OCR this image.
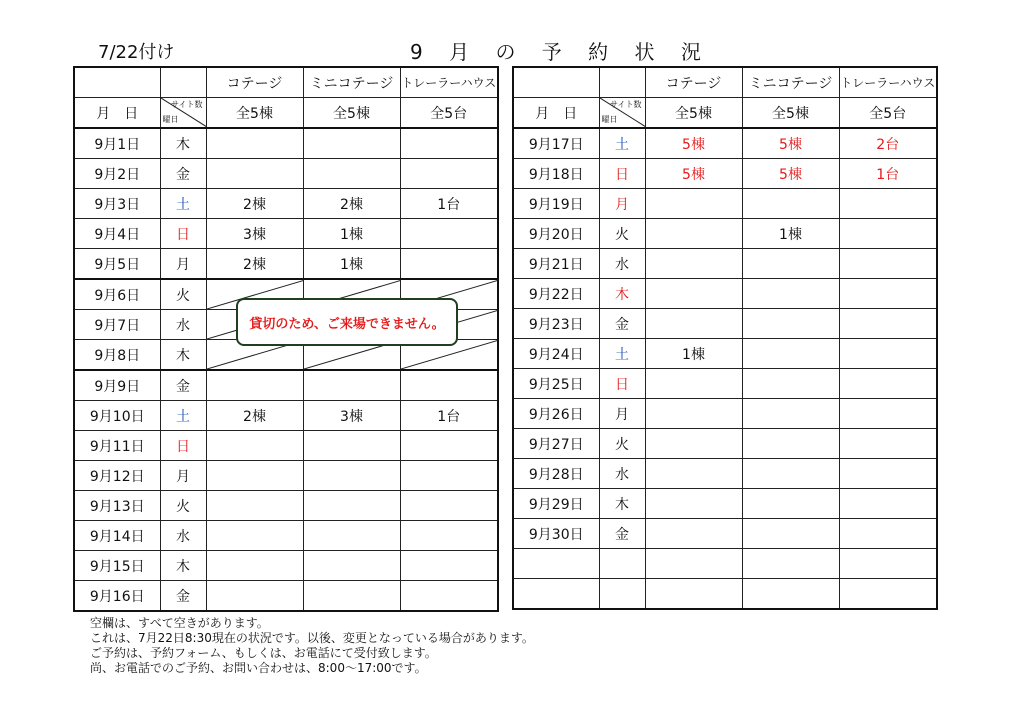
7/22付け	9 月 の 予 約 状 況
		コテージ	ミニコテージ	トレーラーハウス
月　日	サイト数
曜日	全5棟	全5棟	全5台
9月1日	木			
9月2日	金			
9月3日	土	2棟	2棟	1台
9月4日	日	3棟	1棟	
9月5日	月	2棟	1棟	
9月6日	火	

9月7日	水	

9月8日	木	

9月9日	金			
9月10日	土	2棟	3棟	1台
9月11日	日			
9月12日	月			
9月13日	火			
9月14日	水			
9月15日	木			
9月16日	金			
		コテージ	ミニコテージ	トレーラーハウス
月　日	サイト数
曜日	全5棟	全5棟	全5台
9月17日	土	5棟	5棟	2台
9月18日	日	5棟	5棟	1台
9月19日	月			
9月20日	火		1棟	
9月21日	水			
9月22日	木			
9月23日	金			
9月24日	土	1棟		
9月25日	日			
9月26日	月			
9月27日	火			
9月28日	水			
9月29日	木			
9月30日	金			

貸切のため、ご来場できません。
空欄は、すべて空きがあります。
これは、7月22日8:30現在の状況です。以後、変更となっている場合があります。
ご予約は、予約フォーム、もしくは、お電話にて受付致します。
尚、お電話でのご予約、お問い合わせは、8:00～17:00です。
